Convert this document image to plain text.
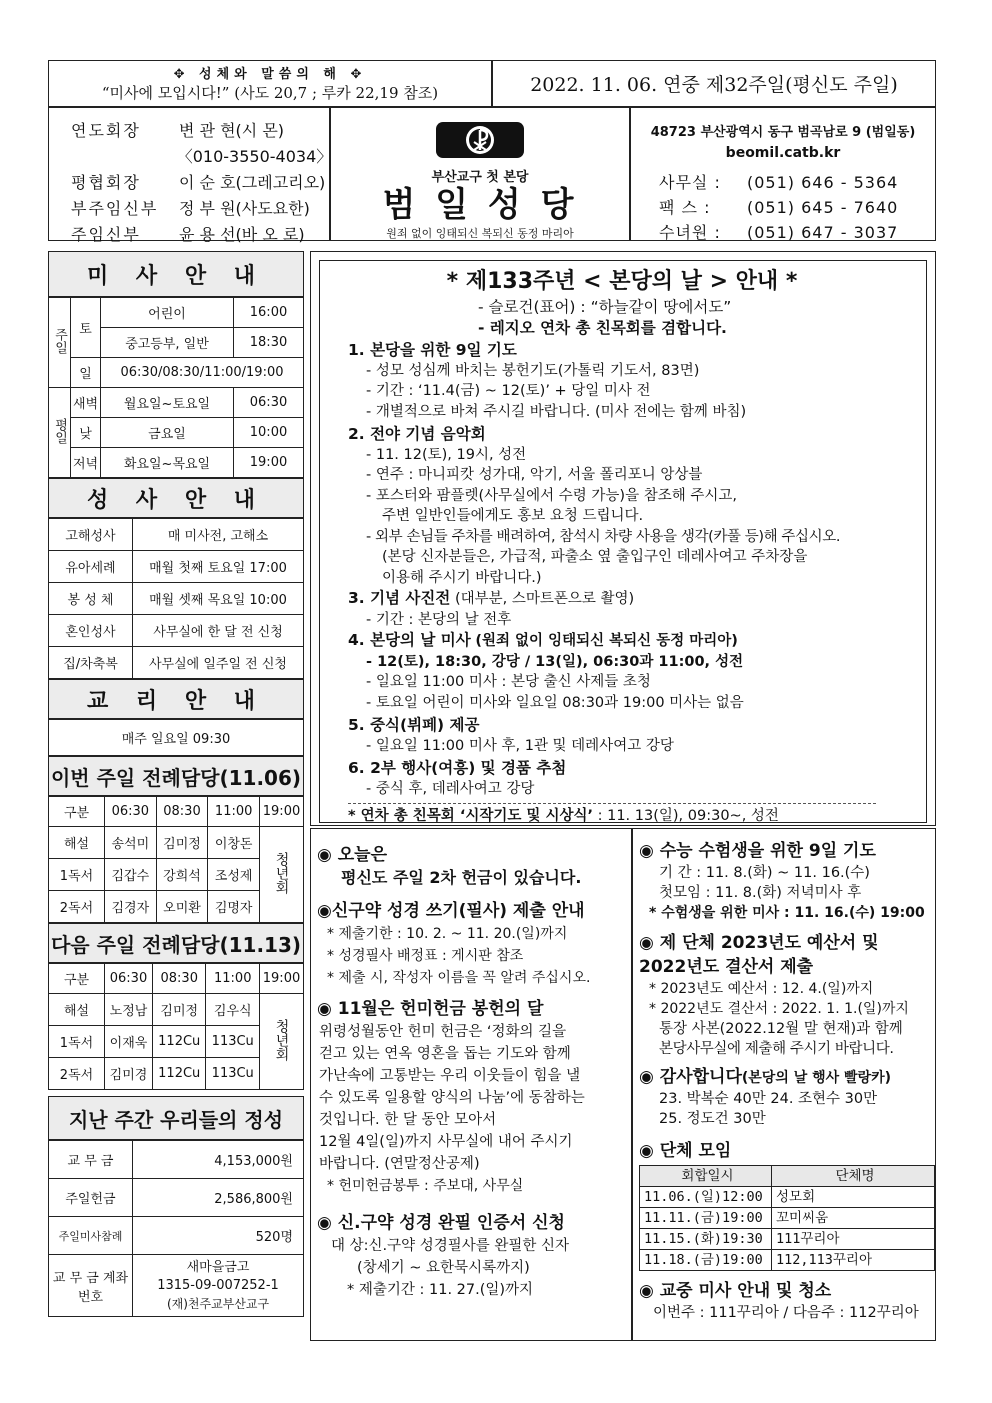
✥ 성체와 말씀의 해 ✥
“미사에 모입시다!” (사도 20,7 ; 루카 22,19 참조)	2022. 11. 06. 연중 제32주일(평신도 주일)
연도회장	변 관 현(시 몬)
〈010-3550-4034〉
평협회장	이 순 호(그레고리오)
부주임신부	정 부 원(사도요한)
주임신부	윤 용 선(바 오 로)
부산교구 첫 본당
범 일 성 당
원죄 없이 잉태되신 복되신 동정 마리아
48723 부산광역시 동구 범곡남로 9 (범일동)
beomil.catb.kr
사무실 :	(051) 646 - 5364
팩 스 :	(051) 645 - 7640
수녀원 :	(051) 647 - 3037
미 사 안 내
주일	토	어린이	16:00
		중고등부, 일반	18:30
	일	06:30/08:30/11:00/19:00	
평일	새벽	월요일~토요일	06:30
	낮	금요일	10:00
	저녁	화요일~목요일	19:00
성 사 안 내
고해성사	매 미사전, 고해소
유아세례	매월 첫째 토요일 17:00
봉 성 체	매월 셋째 목요일 10:00
혼인성사	사무실에 한 달 전 신청
집/차축복	사무실에 일주일 전 신청
교 리 안 내
매주 일요일 09:30
이번 주일 전례담당(11.06)
구분	06:30	08:30	11:00	19:00
해설	송석미	김미정	이창돈	청년회
1독서	김갑수	강희석	조성제	
2독서	김경자	오미환	김명자	
다음 주일 전례담당(11.13)
구분	06:30	08:30	11:00	19:00
해설	노정남	김미정	김우식	청년회
1독서	이재욱	112Cu	113Cu	
2독서	김미경	112Cu	113Cu	
지난 주간 우리들의 정성
교 무 금	4,153,000원
주일헌금	2,586,800원
주일미사참례	520명
교 무 금 계좌번호	새마을금고
1315-09-007252-1
(재)천주교부산교구
* 제133주년 < 본당의 날 > 안내 *
- 슬로건(표어) : “하늘같이 땅에서도”
- 레지오 연차 총 친목회를 겸합니다.
1. 본당을 위한 9일 기도
- 성모 성심께 바치는 봉헌기도(가톨릭 기도서, 83면)
- 기간 : ‘11.4(금) ~ 12(토)’ + 당일 미사 전
- 개별적으로 바쳐 주시길 바랍니다. (미사 전에는 함께 바침)
2. 전야 기념 음악회
- 11. 12(토), 19시, 성전
- 연주 : 마니피캇 성가대, 악기, 서울 폴리포니 앙상블
- 포스터와 팜플렛(사무실에서 수령 가능)을 참조해 주시고,
주변 일반인들에게도 홍보 요청 드립니다.
- 외부 손님들 주차를 배려하여, 참석시 차량 사용을 생각(카풀 등)해 주십시오.
(본당 신자분들은, 가급적, 파출소 옆 출입구인 데레사여고 주차장을
이용해 주시기 바랍니다.)
3. 기념 사진전 (대부분, 스마트폰으로 촬영)
- 기간 : 본당의 날 전후
4. 본당의 날 미사 (원죄 없이 잉태되신 복되신 동정 마리아)
- 12(토), 18:30, 강당 / 13(일), 06:30과 11:00, 성전
- 일요일 11:00 미사 : 본당 출신 사제들 초청
- 토요일 어린이 미사와 일요일 08:30과 19:00 미사는 없음
5. 중식(뷔페) 제공
- 일요일 11:00 미사 후, 1관 및 데레사여고 강당
6. 2부 행사(여흥) 및 경품 추첨
- 중식 후, 데레사여고 강당
* 연차 총 친목회 ‘시작기도 및 시상식’ : 11. 13(일), 09:30~, 성전
◉ 오늘은
평신도 주일 2차 헌금이 있습니다.
◉신구약 성경 쓰기(필사) 제출 안내
* 제출기한 : 10. 2. ~ 11. 20.(일)까지
* 성경필사 배정표 : 게시판 참조
* 제출 시, 작성자 이름을 꼭 알려 주십시오.
◉ 11월은 헌미헌금 봉헌의 달
위령성월동안 헌미 헌금은 ‘정화의 길을
걷고 있는 연옥 영혼을 돕는 기도와 함께
가난속에 고통받는 우리 이웃들이 힘을 낼
수 있도록 일용할 양식의 나눔’에 동참하는
것입니다. 한 달 동안 모아서
12월 4일(일)까지 사무실에 내어 주시기
바랍니다. (연말정산공제)
* 헌미헌금봉투 : 주보대, 사무실
◉ 신.구약 성경 완필 인증서 신청
대 상:신.구약 성경필사를 완필한 신자
(창세기 ~ 요한묵시록까지)
* 제출기간 : 11. 27.(일)까지
◉ 수능 수험생을 위한 9일 기도
기 간 : 11. 8.(화) ~ 11. 16.(수)
첫모임 : 11. 8.(화) 저녁미사 후
* 수험생을 위한 미사 : 11. 16.(수) 19:00
◉ 제 단체 2023년도 예산서 및 2022년도 결산서 제출
* 2023년도 예산서 : 12. 4.(일)까지
* 2022년도 결산서 : 2022. 1. 1.(일)까지
통장 사본(2022.12월 말 현재)과 함께
본당사무실에 제출해 주시기 바랍니다.
◉ 감사합니다(본당의 날 행사 빨랑카)
23. 박복순 40만 24. 조현수 30만
25. 정도건 30만
◉ 단체 모임
회합일시	단체명
11.06.(일)12:00	성모회
11.11.(금)19:00	꼬미씨움
11.15.(화)19:30	111꾸리아
11.18.(금)19:00	112,113꾸리아
◉ 교중 미사 안내 및 청소
이번주 : 111꾸리아 / 다음주 : 112꾸리아
